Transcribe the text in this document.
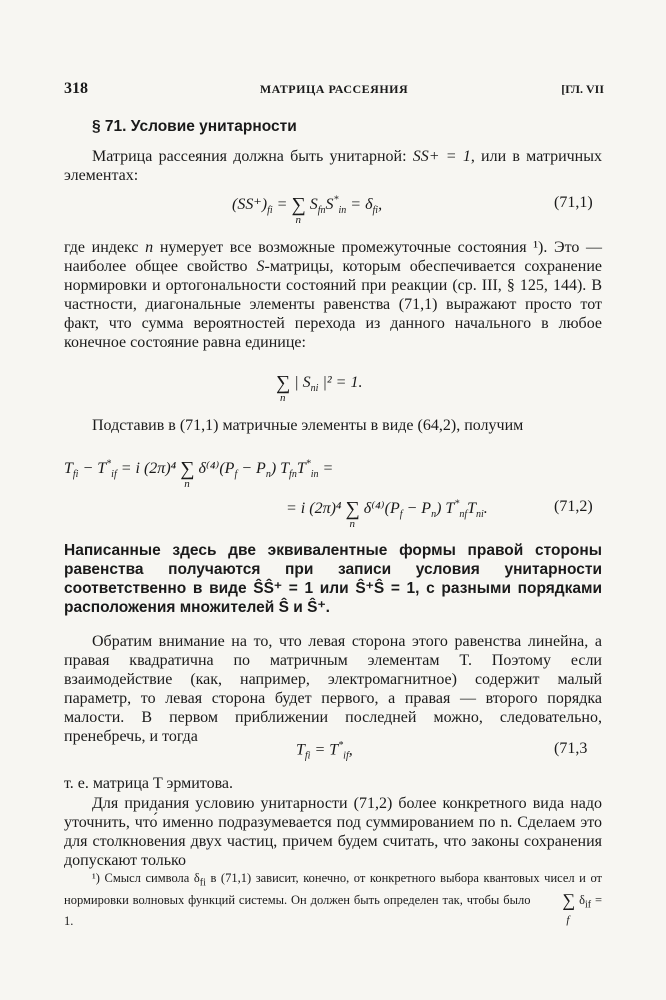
318	МАТРИЦА РАССЕЯНИЯ	[ГЛ. VII
§ 71. Условие унитарности
Матрица рассеяния должна быть унитарной: SS+ = 1, или в матричных элементах:
$(SS^+)_{fi}$ = ∑
n
$S_{fn}S^*_{in} = \delta_{fi}$,	(71,1)
где индекс n нумерует все возможные промежуточные состояния ¹). Это — наиболее общее свойство S-матрицы, которым обеспечивается сохранение нормировки и ортогональности состояний при реакции (ср. III, § 125, 144). В частности, диагональные элементы равенства (71,1) выражают просто тот факт, что сумма вероятностей перехода из данного начального в любое конечное состояние равна единице:
∑
n
| $S_{ni}$ |² = 1.
Подставив в (71,1) матричные элементы в виде (64,2), получим
$T_{fi} - T^*_{if} = i$ (2π)⁴ ∑
n
$\delta^{(4)}(P_f - P_n) T_{fn}T^*_{in}$ =
= i (2π)⁴ ∑
n
$\delta^{(4)}(P_f - P_n)$ $T^*_{nf}T_{ni}$.	(71,2)
Написанные здесь две эквивалентные формы правой стороны равенства получаются при записи условия унитарности соответственно в виде ŜŜ⁺ = 1 или Ŝ⁺Ŝ = 1, с разными порядками расположения множителей Ŝ и Ŝ⁺.
Обратим внимание на то, что левая сторона этого равенства линейна, а правая квадратична по матричным элементам T. Поэтому если взаимодействие (как, например, электромагнитное) содержит малый параметр, то левая сторона будет первого, а правая — второго порядка малости. В первом приближении последней можно, следовательно, пренебречь, и тогда
$T_{fi} = T^*_{if}$,	(71,3
т. е. матрица T эрмитова.
Для придания условию унитарности (71,2) более конкретного вида надо уточнить, что́ именно подразумевается под суммированием по n. Сделаем это для столкновения двух частиц, причем будем считать, что законы сохранения допускают только
¹) Смысл символа $\delta_{fi}$ в (71,1) зависит, конечно, от конкретного выбора квантовых чисел и от нормировки волновых функций системы. Он должен быть определен так, чтобы было ∑
f
$\delta_{if} = 1$.
